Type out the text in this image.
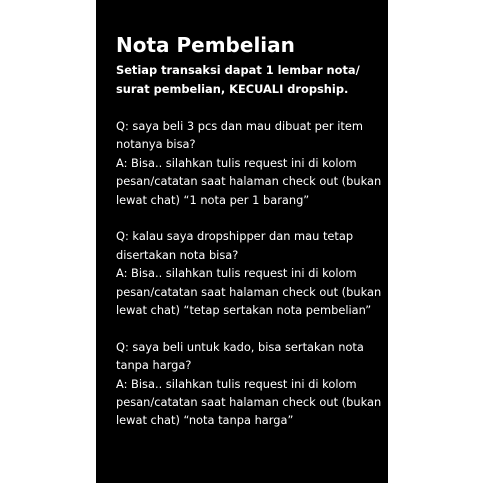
Nota Pembelian

Setiap transaksi dapat 1 lembar nota/ surat pembelian, KECUALI dropship.

Q: saya beli 3 pcs dan mau dibuat per item notanya bisa?

A: Bisa.. silahkan tulis request ini di kolom pesan/catatan saat halaman check out (bukan lewat chat) “1 nota per 1 barang”

Q: kalau saya dropshipper dan mau tetap disertakan nota bisa?

A: Bisa.. silahkan tulis request ini di kolom pesan/catatan saat halaman check out (bukan lewat chat) “tetap sertakan nota pembelian”

Q: saya beli untuk kado, bisa sertakan nota tanpa harga?

A: Bisa.. silahkan tulis request ini di kolom pesan/catatan saat halaman check out (bukan lewat chat) “nota tanpa harga”
